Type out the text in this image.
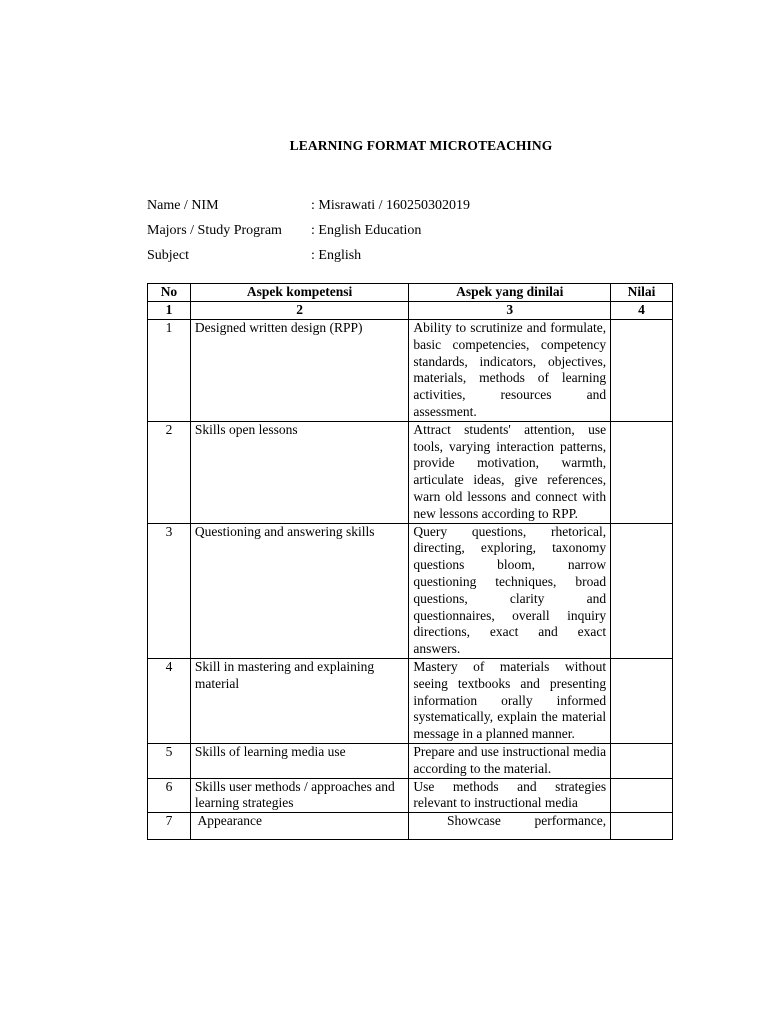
LEARNING FORMAT MICROTEACHING
Name / NIM	: Misrawati / 160250302019
Majors / Study Program : English Education
Subject	: English
No	Aspek kompetensi	Aspek yang dinilai	Nilai
1	2	3	4
1	Designed written design (RPP)	Ability to scrutinize and formulate, basic competencies, competency standards, indicators, objectives, materials, methods of learning activities, resources and assessment.	
2	Skills open lessons	Attract students' attention, use tools, varying interaction patterns, provide motivation, warmth, articulate ideas, give references, warn old lessons and connect with new lessons according to RPP.	
3	Questioning and answering skills	Query questions, rhetorical, directing, exploring, taxonomy questions bloom, narrow questioning techniques, broad questions, clarity and questionnaires, overall inquiry directions, exact and exact answers.	
4	Skill in mastering and explaining material	Mastery of materials without seeing textbooks and presenting information orally informed systematically, explain the material message in a planned manner.	
5	Skills of learning media use	Prepare and use instructional media according to the material.	
6	Skills user methods / approaches and learning strategies	Use methods and strategies relevant to instructional media	
7	Appearance	Showcase performance,	
